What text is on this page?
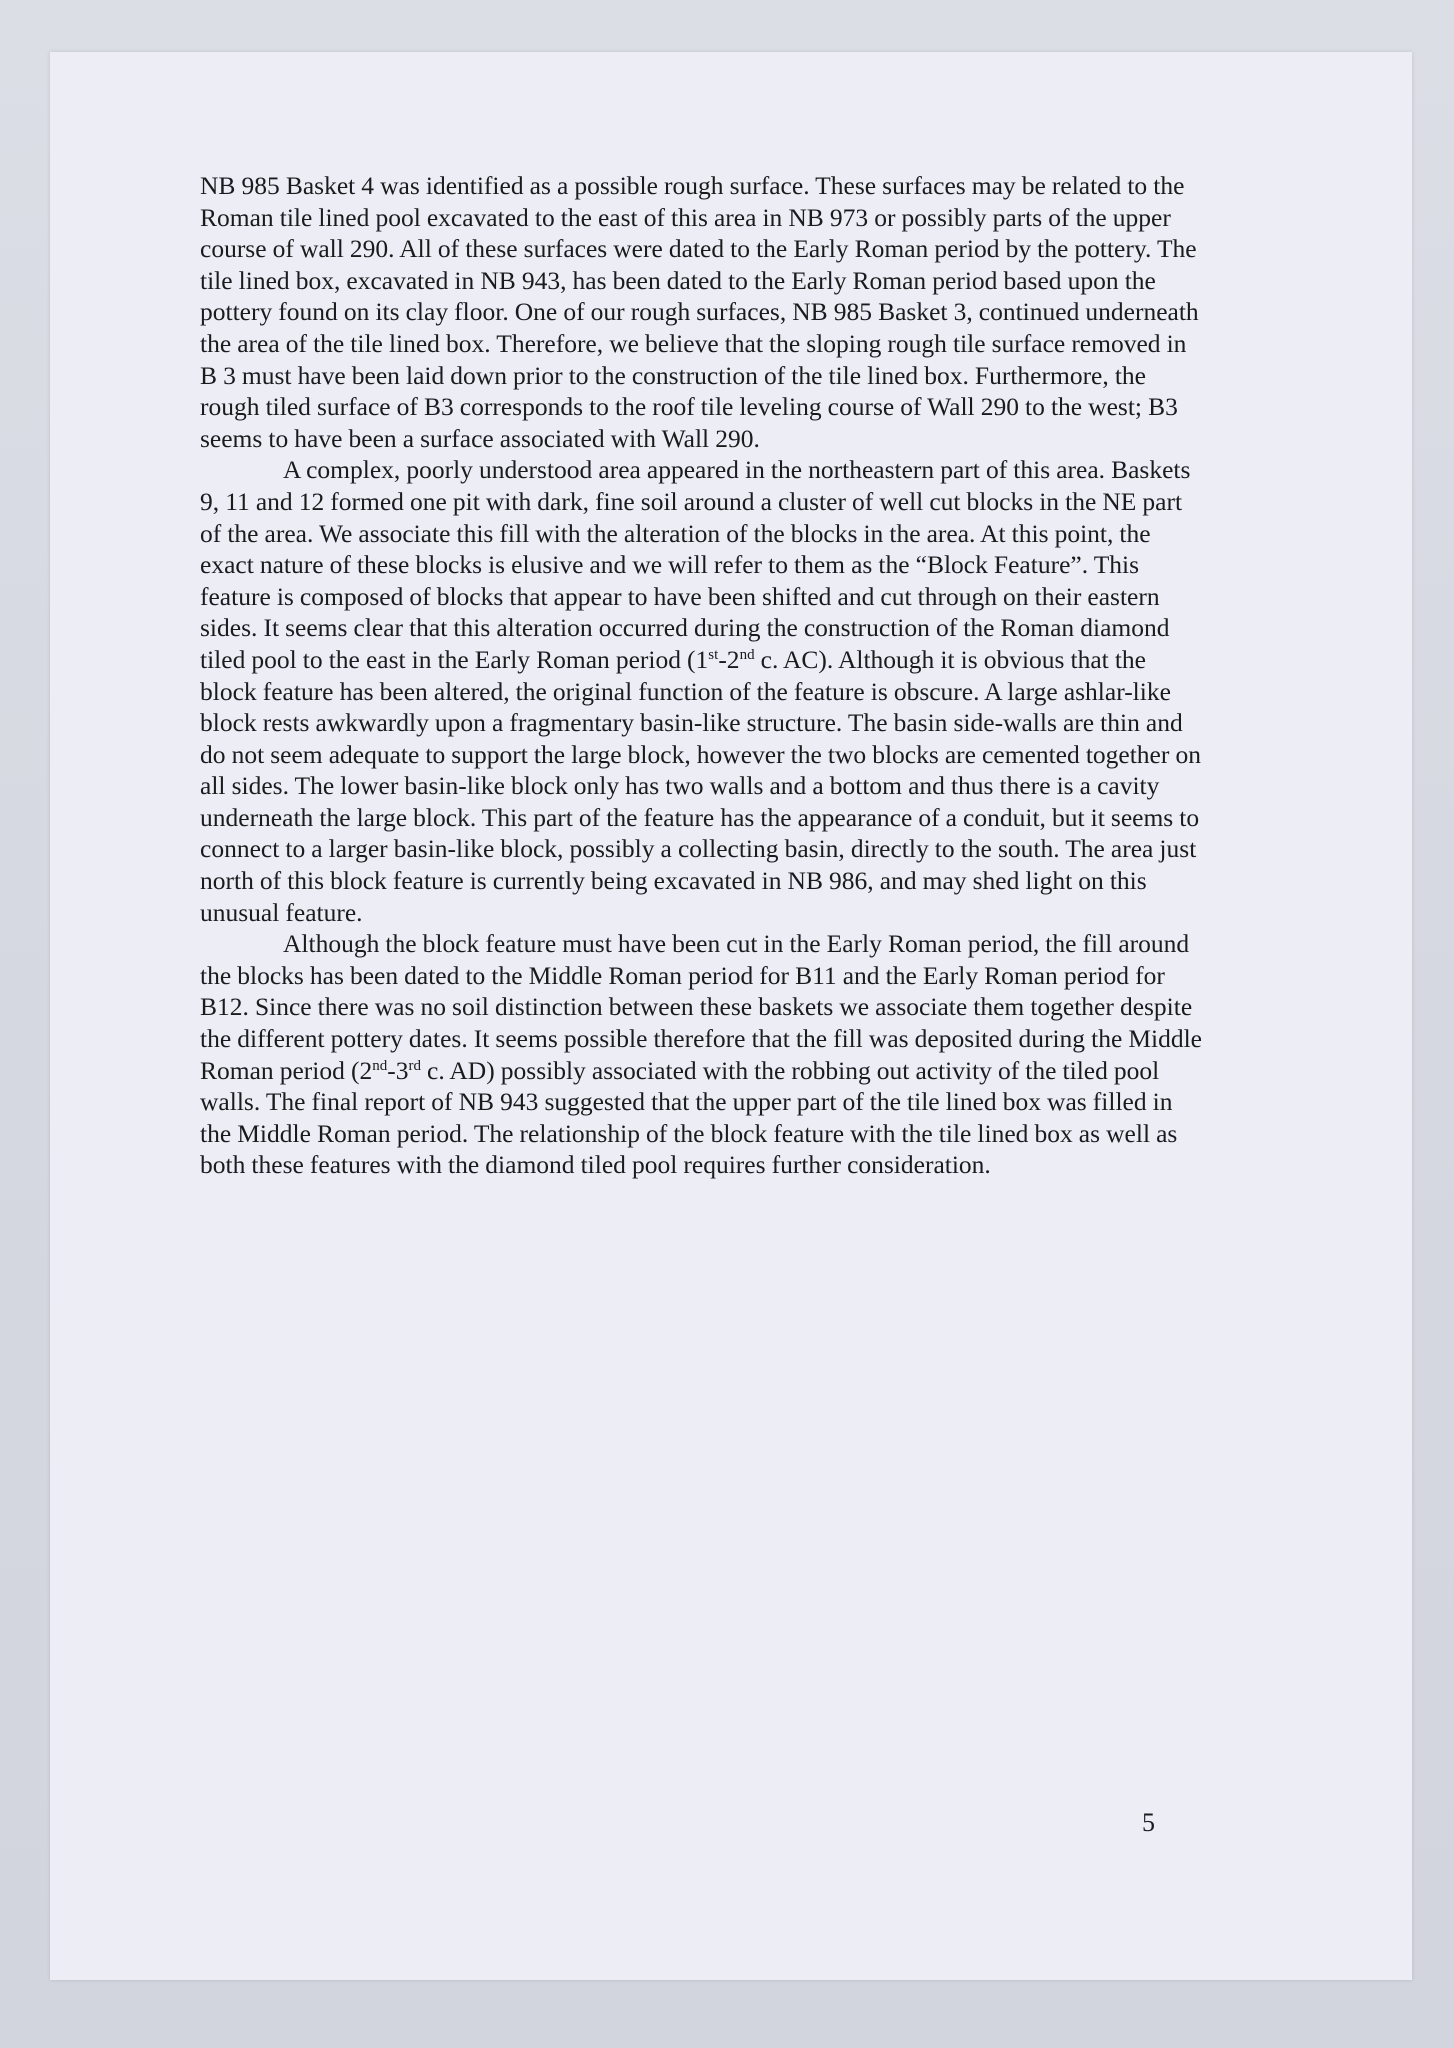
NB 985 Basket 4 was identified as a possible rough surface. These surfaces may be related to the Roman tile lined pool excavated to the east of this area in NB 973 or possibly parts of the upper course of wall 290. All of these surfaces were dated to the Early Roman period by the pottery. The tile lined box, excavated in NB 943, has been dated to the Early Roman period based upon the pottery found on its clay floor. One of our rough surfaces, NB 985 Basket 3, continued underneath the area of the tile lined box. Therefore, we believe that the sloping rough tile surface removed in B 3 must have been laid down prior to the construction of the tile lined box. Furthermore, the rough tiled surface of B3 corresponds to the roof tile leveling course of Wall 290 to the west; B3 seems to have been a surface associated with Wall 290.

A complex, poorly understood area appeared in the northeastern part of this area. Baskets 9, 11 and 12 formed one pit with dark, fine soil around a cluster of well cut blocks in the NE part of the area. We associate this fill with the alteration of the blocks in the area. At this point, the exact nature of these blocks is elusive and we will refer to them as the “Block Feature”. This feature is composed of blocks that appear to have been shifted and cut through on their eastern sides. It seems clear that this alteration occurred during the construction of the Roman diamond tiled pool to the east in the Early Roman period (1st-2nd c. AC). Although it is obvious that the block feature has been altered, the original function of the feature is obscure. A large ashlar-like block rests awkwardly upon a fragmentary basin-like structure. The basin side-walls are thin and do not seem adequate to support the large block, however the two blocks are cemented together on all sides. The lower basin-like block only has two walls and a bottom and thus there is a cavity underneath the large block. This part of the feature has the appearance of a conduit, but it seems to connect to a larger basin-like block, possibly a collecting basin, directly to the south. The area just north of this block feature is currently being excavated in NB 986, and may shed light on this unusual feature.

Although the block feature must have been cut in the Early Roman period, the fill around the blocks has been dated to the Middle Roman period for B11 and the Early Roman period for B12. Since there was no soil distinction between these baskets we associate them together despite the different pottery dates. It seems possible therefore that the fill was deposited during the Middle Roman period (2nd-3rd c. AD) possibly associated with the robbing out activity of the tiled pool walls. The final report of NB 943 suggested that the upper part of the tile lined box was filled in the Middle Roman period. The relationship of the block feature with the tile lined box as well as both these features with the diamond tiled pool requires further consideration.

5
